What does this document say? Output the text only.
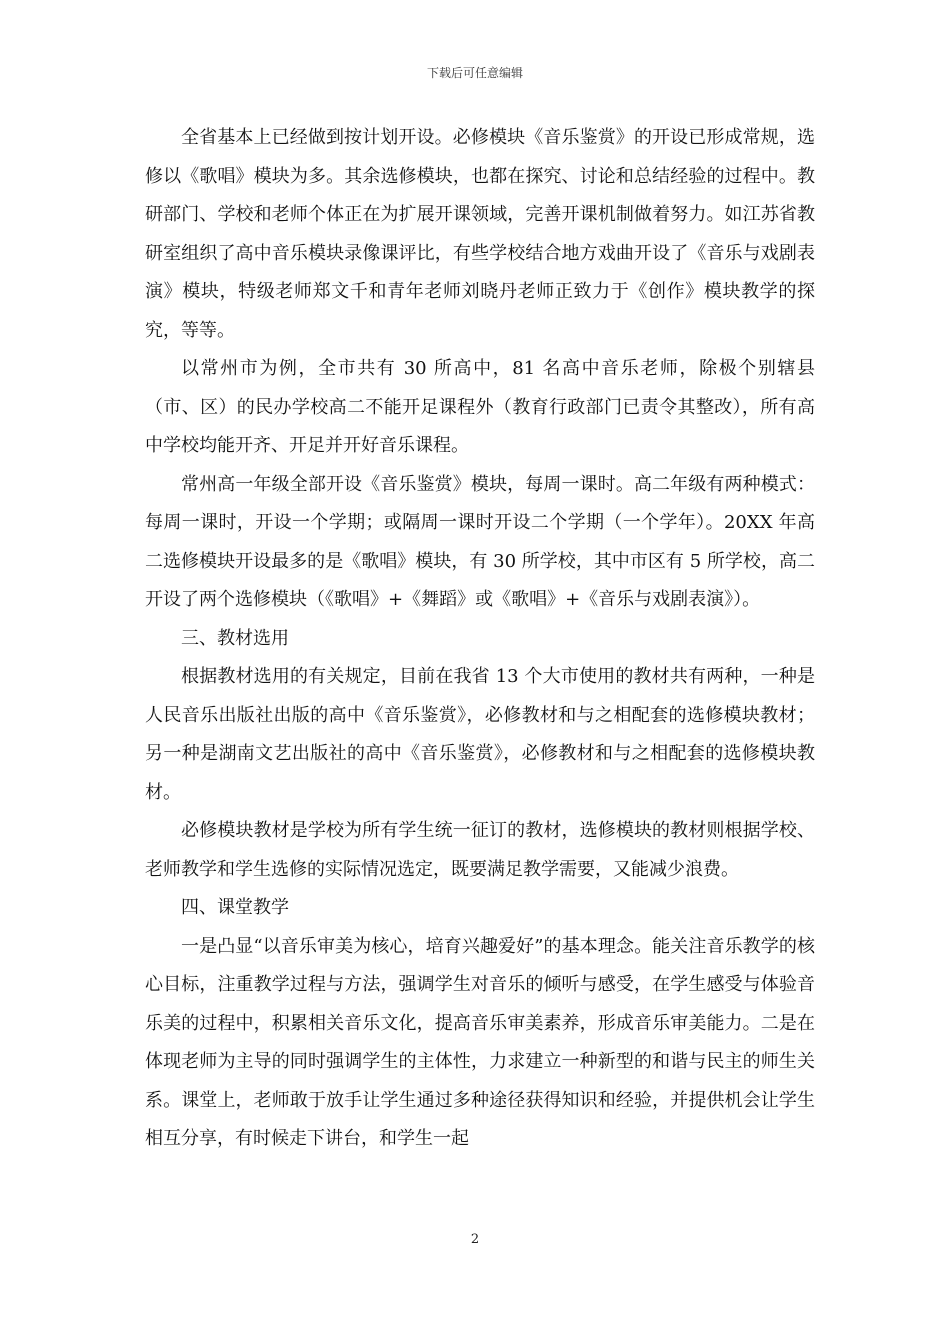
下载后可任意编辑

全省基本上已经做到按计划开设。必修模块《音乐鉴赏》的开设已形成常规，选修以《歌唱》模块为多。其余选修模块，也都在探究、讨论和总结经验的过程中。教研部门、学校和老师个体正在为扩展开课领域，完善开课机制做着努力。如江苏省教研室组织了高中音乐模块录像课评比，有些学校结合地方戏曲开设了《音乐与戏剧表演》模块，特级老师郑文千和青年老师刘晓丹老师正致力于《创作》模块教学的探究，等等。

以常州市为例，全市共有 30 所高中，81 名高中音乐老师，除极个别辖县（市、区）的民办学校高二不能开足课程外（教育行政部门已责令其整改），所有高中学校均能开齐、开足并开好音乐课程。

常州高一年级全部开设《音乐鉴赏》模块，每周一课时。高二年级有两种模式：每周一课时，开设一个学期；或隔周一课时开设二个学期（一个学年）。20XX 年高二选修模块开设最多的是《歌唱》模块，有 30 所学校，其中市区有 5 所学校，高二开设了两个选修模块（《歌唱》+《舞蹈》或《歌唱》+《音乐与戏剧表演》）。

三、教材选用

根据教材选用的有关规定，目前在我省 13 个大市使用的教材共有两种，一种是人民音乐出版社出版的高中《音乐鉴赏》，必修教材和与之相配套的选修模块教材；另一种是湖南文艺出版社的高中《音乐鉴赏》，必修教材和与之相配套的选修模块教材。

必修模块教材是学校为所有学生统一征订的教材，选修模块的教材则根据学校、老师教学和学生选修的实际情况选定，既要满足教学需要，又能减少浪费。

四、课堂教学

一是凸显“以音乐审美为核心，培育兴趣爱好”的基本理念。能关注音乐教学的核心目标，注重教学过程与方法，强调学生对音乐的倾听与感受，在学生感受与体验音乐美的过程中，积累相关音乐文化，提高音乐审美素养，形成音乐审美能力。二是在体现老师为主导的同时强调学生的主体性，力求建立一种新型的和谐与民主的师生关系。课堂上，老师敢于放手让学生通过多种途径获得知识和经验，并提供机会让学生相互分享，有时候走下讲台，和学生一起

2
